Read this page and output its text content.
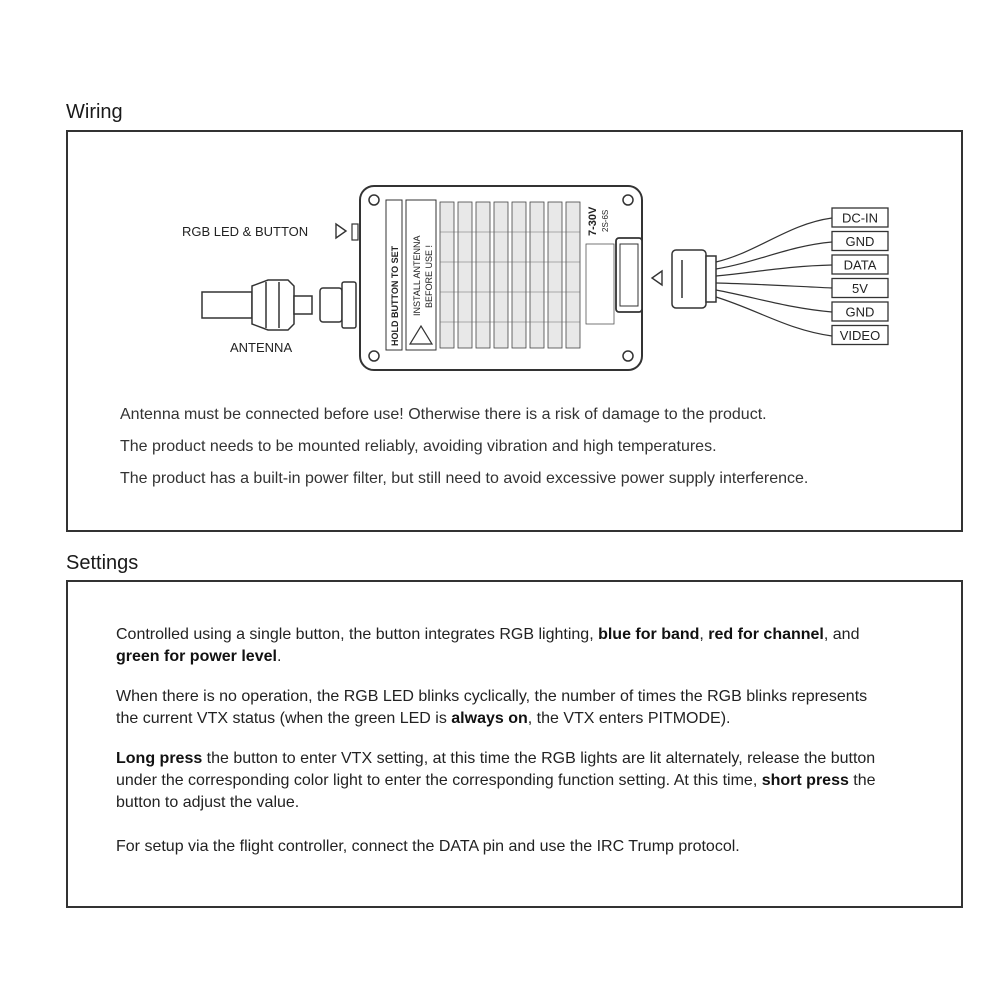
Wiring
ANTENNA
RGB LED & BUTTON
HOLD BUTTON TO SET INSTALL ANTENNA BEFORE USE !
7-30V 2S-6S	DC-IN
GND
DATA
5V
GND
VIDEO
Antenna must be connected before use! Otherwise there is a risk of damage to the product.
The product needs to be mounted reliably, avoiding vibration and high temperatures.
The product has a built-in power filter, but still need to avoid excessive power supply interference.
Settings
Controlled using a single button, the button integrates RGB lighting, blue for band, red for channel, and green for power level.
When there is no operation, the RGB LED blinks cyclically, the number of times the RGB blinks represents the current VTX status (when the green LED is always on, the VTX enters PITMODE).
Long press the button to enter VTX setting, at this time the RGB lights are lit alternately, release the button under the corresponding color light to enter the corresponding function setting. At this time, short press the button to adjust the value.
For setup via the flight controller, connect the DATA pin and use the IRC Trump protocol.
